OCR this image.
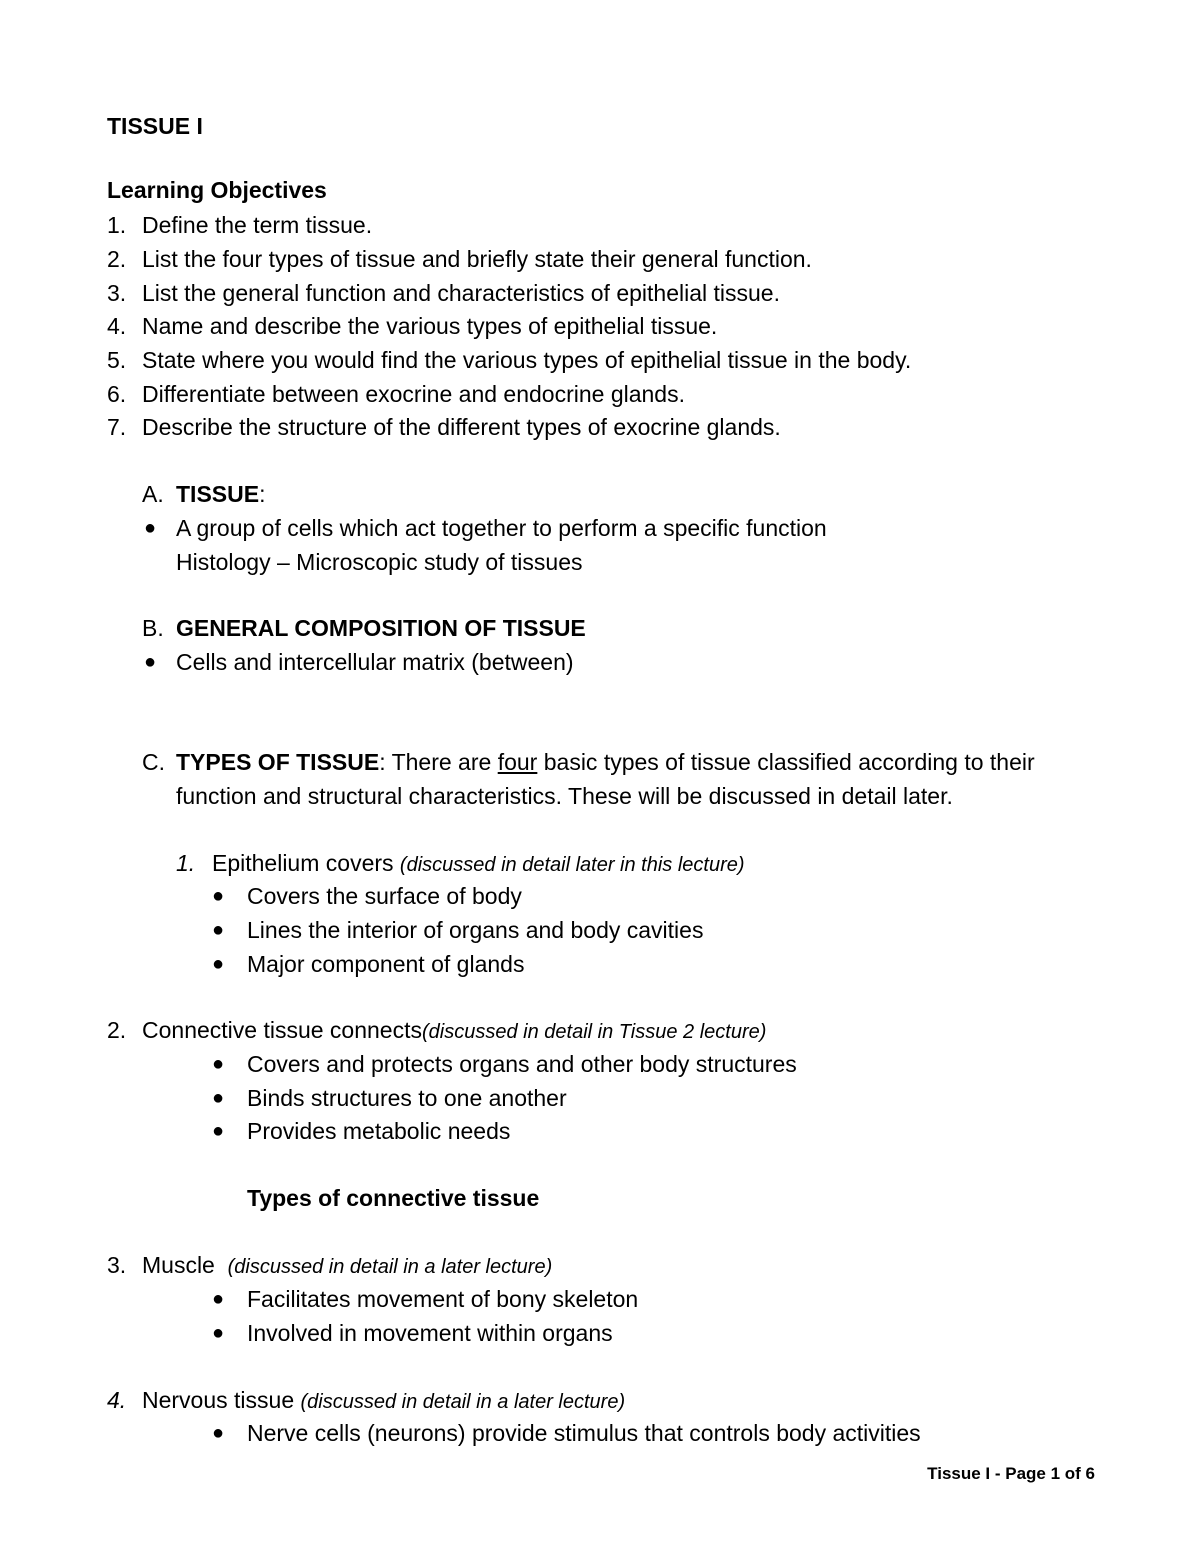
TISSUE I
Learning Objectives
1. Define the term tissue.
2. List the four types of tissue and briefly state their general function.
3. List the general function and characteristics of epithelial tissue.
4. Name and describe the various types of epithelial tissue.
5. State where you would find the various types of epithelial tissue in the body.
6. Differentiate between exocrine and endocrine glands.
7. Describe the structure of the different types of exocrine glands.
A. TISSUE:
● A group of cells which act together to perform a specific function
Histology – Microscopic study of tissues
B. GENERAL COMPOSITION OF TISSUE
● Cells and intercellular matrix (between)
C. TYPES OF TISSUE: There are four basic types of tissue classified according to their
function and structural characteristics. These will be discussed in detail later.
1. Epithelium covers (discussed in detail later in this lecture)
● Covers the surface of body
● Lines the interior of organs and body cavities
● Major component of glands
2. Connective tissue connects(discussed in detail in Tissue 2 lecture)
● Covers and protects organs and other body structures
● Binds structures to one another
● Provides metabolic needs
Types of connective tissue
3. Muscle  (discussed in detail in a later lecture)
● Facilitates movement of bony skeleton
● Involved in movement within organs
4. Nervous tissue (discussed in detail in a later lecture)
● Nerve cells (neurons) provide stimulus that controls body activities
Tissue I - Page 1 of 6
